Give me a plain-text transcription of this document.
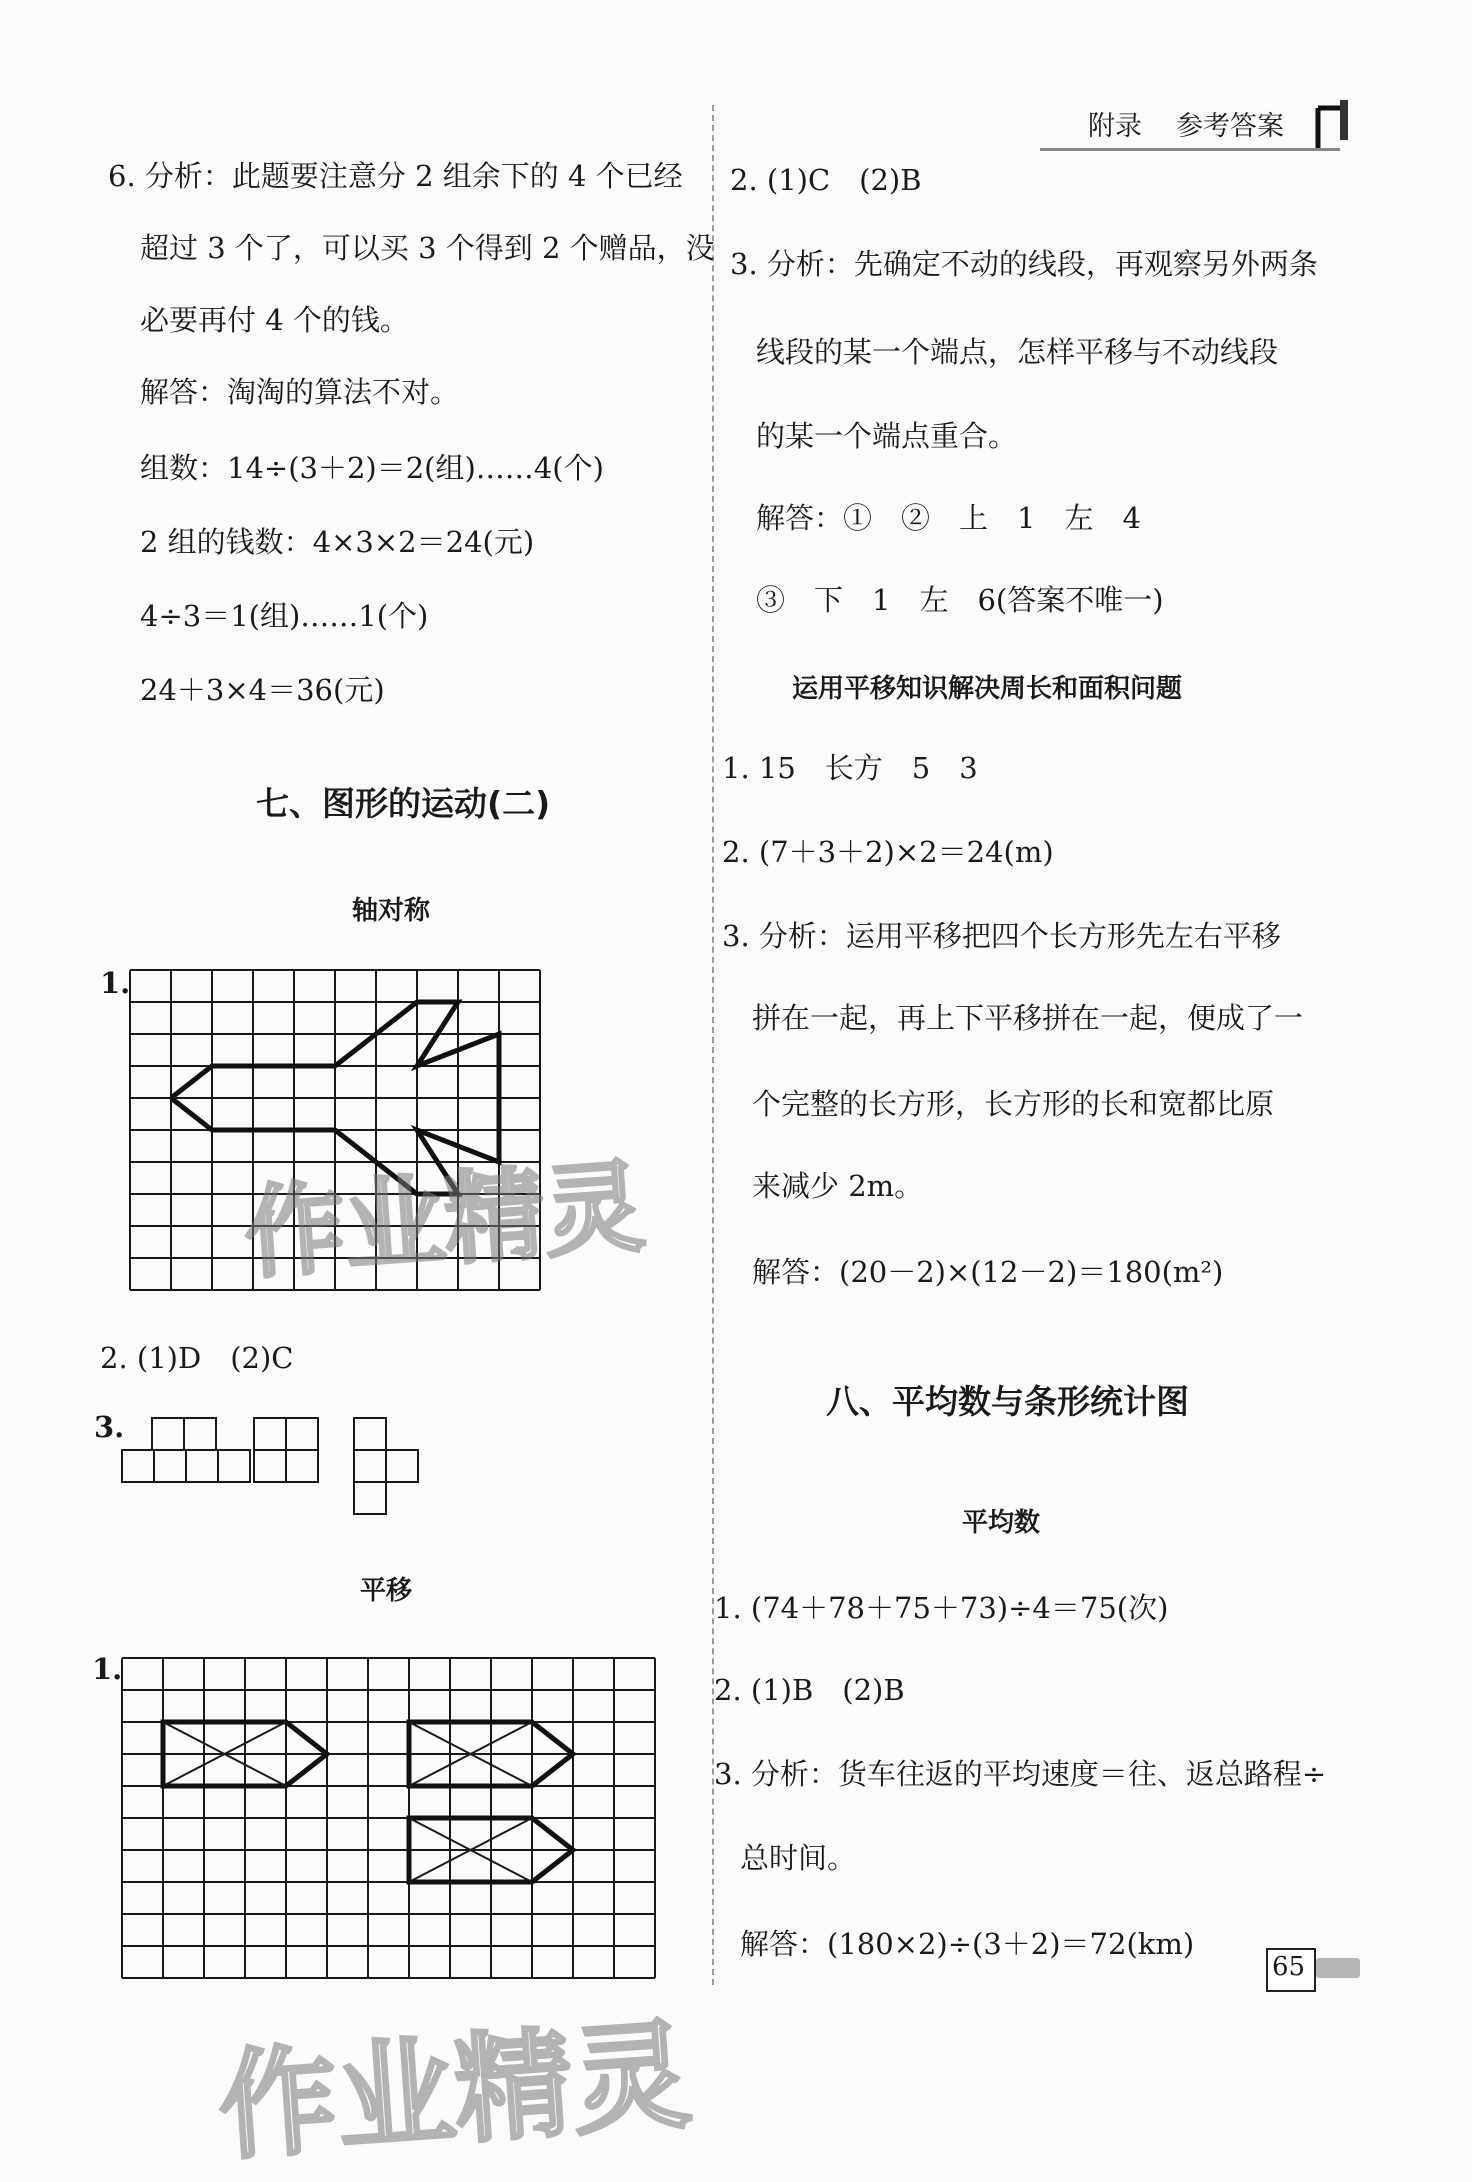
附录 参考答案
6. 分析：此题要注意分 2 组余下的 4 个已经
超过 3 个了，可以买 3 个得到 2 个赠品，没
必要再付 4 个的钱。
解答：淘淘的算法不对。
组数：14÷(3＋2)＝2(组)……4(个)
2 组的钱数：4×3×2＝24(元)
4÷3＝1(组)……1(个)
24＋3×4＝36(元)
七、图形的运动(二)
轴对称
1.
2. (1)D　(2)C
3.
平移
1.
2. (1)C　(2)B
3. 分析：先确定不动的线段，再观察另外两条
线段的某一个端点，怎样平移与不动线段
的某一个端点重合。
解答：①　②　上　1　左　4
③　下　1　左　6(答案不唯一)
运用平移知识解决周长和面积问题
1. 15　长方　5　3
2. (7＋3＋2)×2＝24(m)
3. 分析：运用平移把四个长方形先左右平移
拼在一起，再上下平移拼在一起，便成了一
个完整的长方形，长方形的长和宽都比原
来减少 2m。
解答：(20－2)×(12－2)＝180(m²)
八、平均数与条形统计图
平均数
1. (74＋78＋75＋73)÷4＝75(次)
2. (1)B　(2)B
3. 分析：货车往返的平均速度＝往、返总路程÷
总时间。
解答：(180×2)÷(3＋2)＝72(km)
65
作业精灵
作业精灵
